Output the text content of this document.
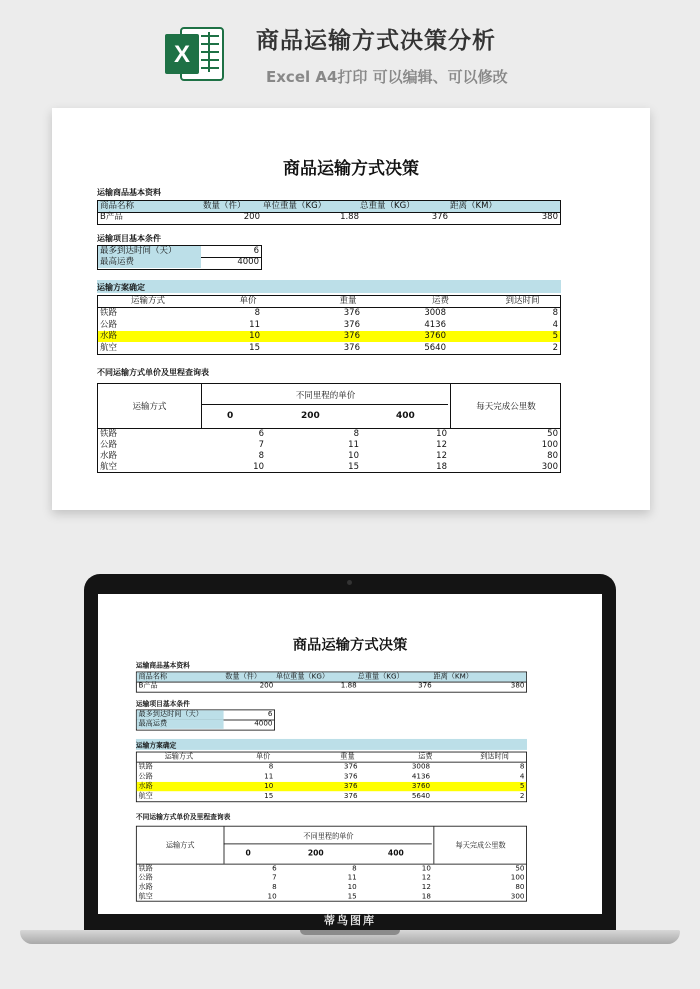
X	商品运输方式决策分析
Excel A4打印 可以编辑、可以修改
商品运输方式决策
运输商品基本资料
商品名称	数量（件） 单位重量（KG）	总重量（KG）	距离（KM）
B产品	200	1.88	376	380
运输项目基本条件
最多到达时间（天）	6
最高运费	4000
运输方案确定
运输方式	单价	重量	运费	到达时间
铁路	8	376	3008	8
公路	11	376	4136	4
水路	10	376	3760	5
航空	15	376	5640	2
不同运输方式单价及里程查询表
运输方式
不同里程的单价
0	200	400
每天完成公里数
铁路	6	8	10	50
公路	7	11	12	100
水路	8	10	12	80
航空	10	15	18	300
商品运输方式决策
运输商品基本资料
商品名称	数量（件） 单位重量（KG）	总重量（KG）	距离（KM）
B产品	200	1.88	376	380
运输项目基本条件
最多到达时间（天）	6
最高运费	4000
运输方案确定
运输方式	单价	重量	运费	到达时间
铁路	8	376	3008	8
公路	11	376	4136	4
水路	10	376	3760	5
航空	15	376	5640	2
不同运输方式单价及里程查询表
运输方式
不同里程的单价
0	200	400
每天完成公里数
铁路	6	8	10	50
公路	7	11	12	100
水路	8	10	12	80
航空	10	15	18	300
蒂鸟图库
